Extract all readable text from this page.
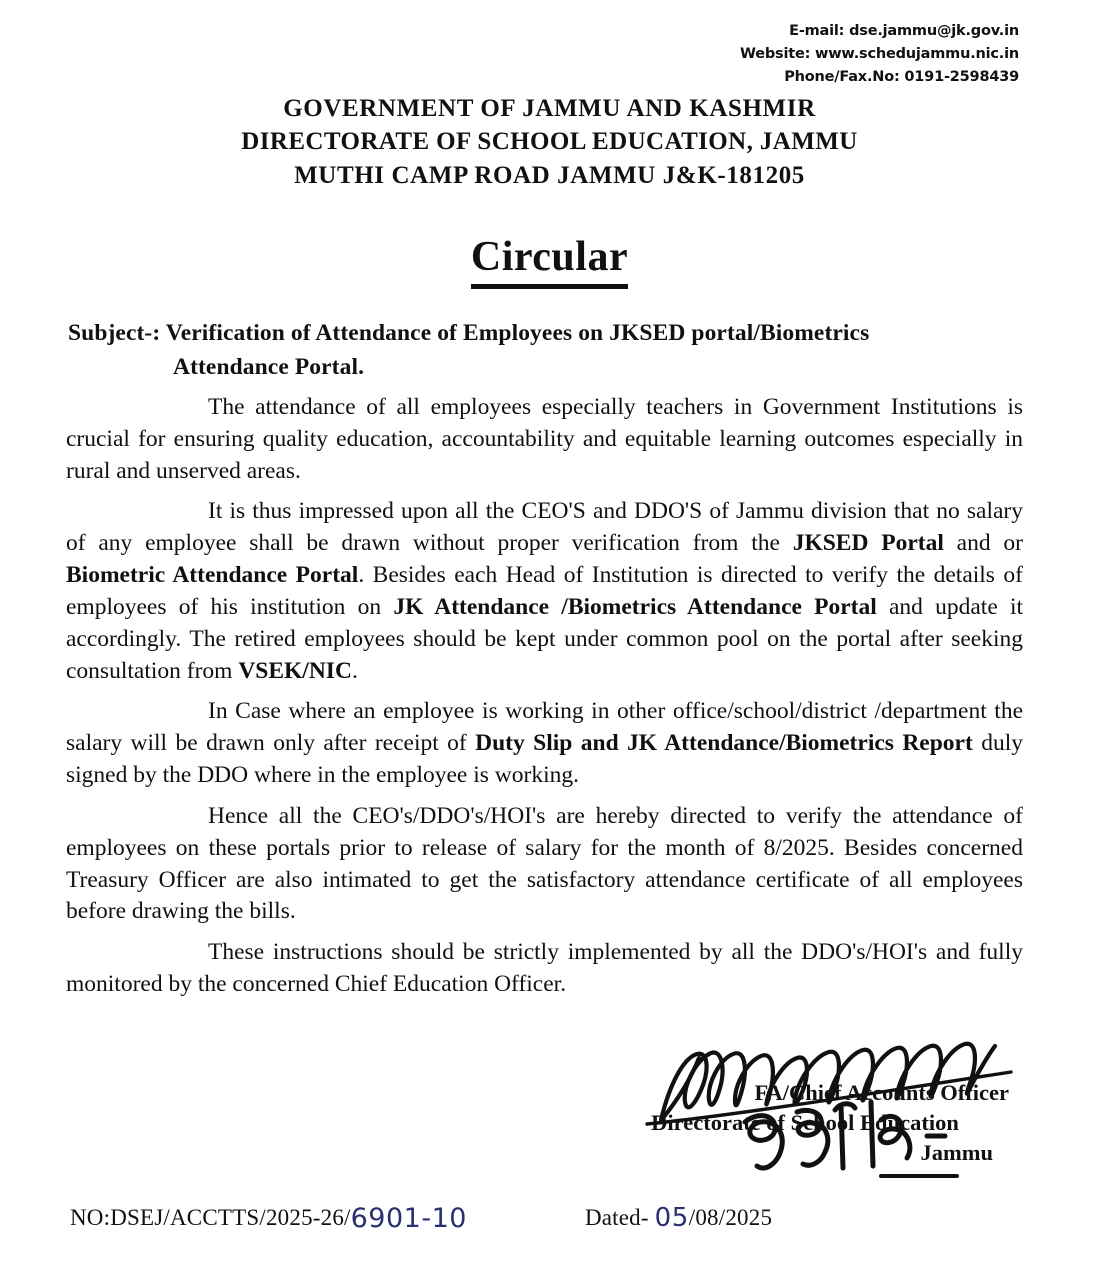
E-mail: dse.jammu@jk.gov.in
Website: www.schedujammu.nic.in
Phone/Fax.No: 0191-2598439
GOVERNMENT OF JAMMU AND KASHMIR
DIRECTORATE OF SCHOOL EDUCATION, JAMMU
MUTHI CAMP ROAD JAMMU J&K-181205
Circular
Subject-: Verification of Attendance of Employees on JKSED portal/Biometrics
Attendance Portal.

The attendance of all employees especially teachers in Government Institutions is crucial for ensuring quality education, accountability and equitable learning outcomes especially in rural and unserved areas.

It is thus impressed upon all the CEO'S and DDO'S of Jammu division that no salary of any employee shall be drawn without proper verification from the JKSED Portal and or Biometric Attendance Portal. Besides each Head of Institution is directed to verify the details of employees of his institution on JK Attendance /Biometrics Attendance Portal and update it accordingly. The retired employees should be kept under common pool on the portal after seeking consultation from VSEK/NIC.

In Case where an employee is working in other office/school/district /department the salary will be drawn only after receipt of Duty Slip and JK Attendance/Biometrics Report duly signed by the DDO where in the employee is working.

Hence all the CEO's/DDO's/HOI's are hereby directed to verify the attendance of employees on these portals prior to release of salary for the month of 8/2025. Besides concerned Treasury Officer are also intimated to get the satisfactory attendance certificate of all employees before drawing the bills.

These instructions should be strictly implemented by all the DDO's/HOI's and fully monitored by the concerned Chief Education Officer.

FA/Chief Accounts Officer
Directorate of School Education
Jammu
NO:DSEJ/ACCTTS/2025-26/6901-10	Dated- 05/08/2025
